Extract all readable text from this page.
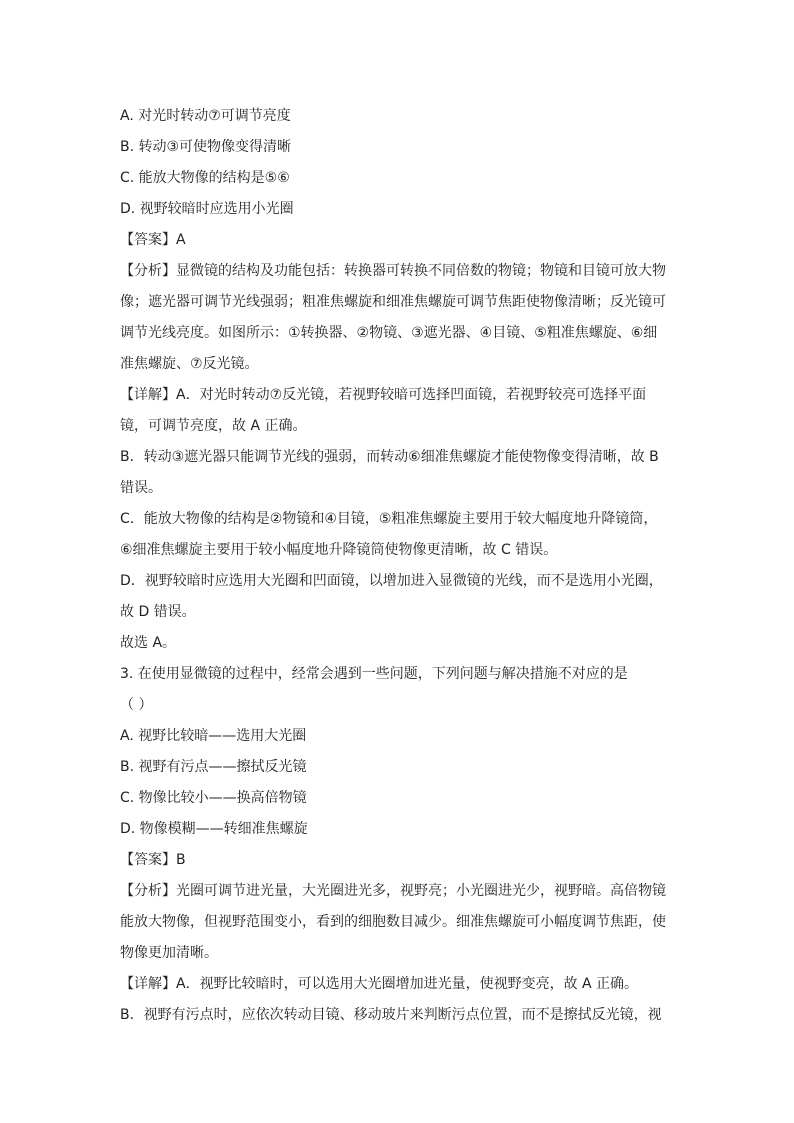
A. 对光时转动⑦可调节亮度

B. 转动③可使物像变得清晰

C. 能放大物像的结构是⑤⑥

D. 视野较暗时应选用小光圈

【答案】A

【分析】显微镜的结构及功能包括：转换器可转换不同倍数的物镜；物镜和目镜可放大物

像；遮光器可调节光线强弱；粗准焦螺旋和细准焦螺旋可调节焦距使物像清晰；反光镜可

调节光线亮度。如图所示：①转换器、②物镜、③遮光器、④目镜、⑤粗准焦螺旋、⑥细

准焦螺旋、⑦反光镜。

【详解】A．对光时转动⑦反光镜，若视野较暗可选择凹面镜，若视野较亮可选择平面

镜，可调节亮度，故 A 正确。

B．转动③遮光器只能调节光线的强弱，而转动⑥细准焦螺旋才能使物像变得清晰，故 B

错误。

C．能放大物像的结构是②物镜和④目镜，⑤粗准焦螺旋主要用于较大幅度地升降镜筒，

⑥细准焦螺旋主要用于较小幅度地升降镜筒使物像更清晰，故 C 错误。

D．视野较暗时应选用大光圈和凹面镜，以增加进入显微镜的光线，而不是选用小光圈，

故 D 错误。

故选 A。

3. 在使用显微镜的过程中，经常会遇到一些问题，下列问题与解决措施不对应的是

（ ）

A. 视野比较暗——选用大光圈

B. 视野有污点——擦拭反光镜

C. 物像比较小——换高倍物镜

D. 物像模糊——转细准焦螺旋

【答案】B

【分析】光圈可调节进光量，大光圈进光多，视野亮；小光圈进光少，视野暗。高倍物镜

能放大物像，但视野范围变小，看到的细胞数目减少。细准焦螺旋可小幅度调节焦距，使

物像更加清晰。

【详解】A．视野比较暗时，可以选用大光圈增加进光量，使视野变亮，故 A 正确。

B．视野有污点时，应依次转动目镜、移动玻片来判断污点位置，而不是擦拭反光镜，视
